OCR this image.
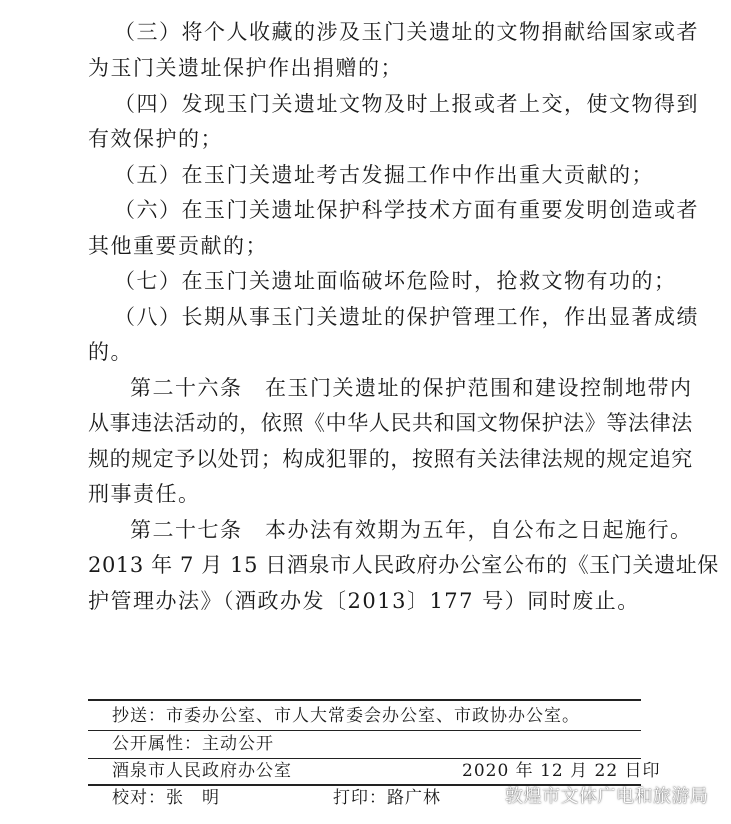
（三）将个人收藏的涉及玉门关遗址的文物捐献给国家或者
为玉门关遗址保护作出捐赠的；
（四）发现玉门关遗址文物及时上报或者上交，使文物得到
有效保护的；
（五）在玉门关遗址考古发掘工作中作出重大贡献的；
（六）在玉门关遗址保护科学技术方面有重要发明创造或者
其他重要贡献的；
（七）在玉门关遗址面临破坏危险时，抢救文物有功的；
（八）长期从事玉门关遗址的保护管理工作，作出显著成绩
的。
第二十六条　在玉门关遗址的保护范围和建设控制地带内
从事违法活动的，依照《中华人民共和国文物保护法》等法律法
规的规定予以处罚；构成犯罪的，按照有关法律法规的规定追究
刑事责任。
第二十七条　本办法有效期为五年，自公布之日起施行。
2013 年 7 月 15 日酒泉市人民政府办公室公布的《玉门关遗址保
护管理办法》（酒政办发〔2013〕177 号）同时废止。
抄送：市委办公室、市人大常委会办公室、市政协办公室。
公开属性：主动公开
酒泉市人民政府办公室	2020 年 12 月 22 日印
校对：张　明	打印：路广林	敦煌市文体广电和旅游局
